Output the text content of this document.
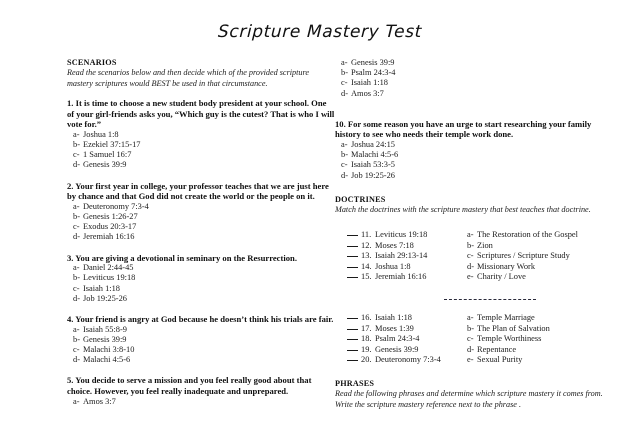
Scripture Mastery Test
SCENARIOS
Read the scenarios below and then decide which of the provided scripture mastery scriptures would BEST be used in that circumstance.

1. It is time to choose a new student body president at your school. One of your girl-friends asks you, “Which guy is the cutest? That is who I will vote for.”

a- Joshua 1:8
b- Ezekiel 37:15-17
c- 1 Samuel 16:7
d- Genesis 39:9

2. Your first year in college, your professor teaches that we are just here by chance and that God did not create the world or the people on it.

a- Deuteronomy 7:3-4
b- Genesis 1:26-27
c- Exodus 20:3-17
d- Jeremiah 16:16

3. You are giving a devotional in seminary on the Resurrection.

a- Daniel 2:44-45
b- Leviticus 19:18
c- Isaiah 1:18
d- Job 19:25-26

4. Your friend is angry at God because he doesn’t think his trials are fair.

a- Isaiah 55:8-9
b- Genesis 39:9
c- Malachi 3:8-10
d- Malachi 4:5-6

5. You decide to serve a mission and you feel really good about that choice. However, you feel really inadequate and unprepared.

a- Amos 3:7
a- Genesis 39:9
b- Psalm 24:3-4
c- Isaiah 1:18
d- Amos 3:7

10. For some reason you have an urge to start researching your family history to see who needs their temple work done.

a- Joshua 24:15
b- Malachi 4:5-6
c- Isaiah 53:3-5
d- Job 19:25-26
DOCTRINES
Match the doctrines with the scripture mastery that best teaches that doctrine.
11. Leviticus 19:18
12. Moses 7:18
13. Isaiah 29:13-14
14. Joshua 1:8
15. Jeremiah 16:16
a- The Restoration of the Gospel
b- Zion
c- Scriptures / Scripture Study
d- Missionary Work
e- Charity / Love
16. Isaiah 1:18
17. Moses 1:39
18. Psalm 24:3-4
19. Genesis 39:9
20. Deuteronomy 7:3-4
a- Temple Marriage
b- The Plan of Salvation
c- Temple Worthiness
d- Repentance
e- Sexual Purity
PHRASES
Read the following phrases and determine which scripture mastery it comes from. Write the scripture mastery reference next to the phrase .
